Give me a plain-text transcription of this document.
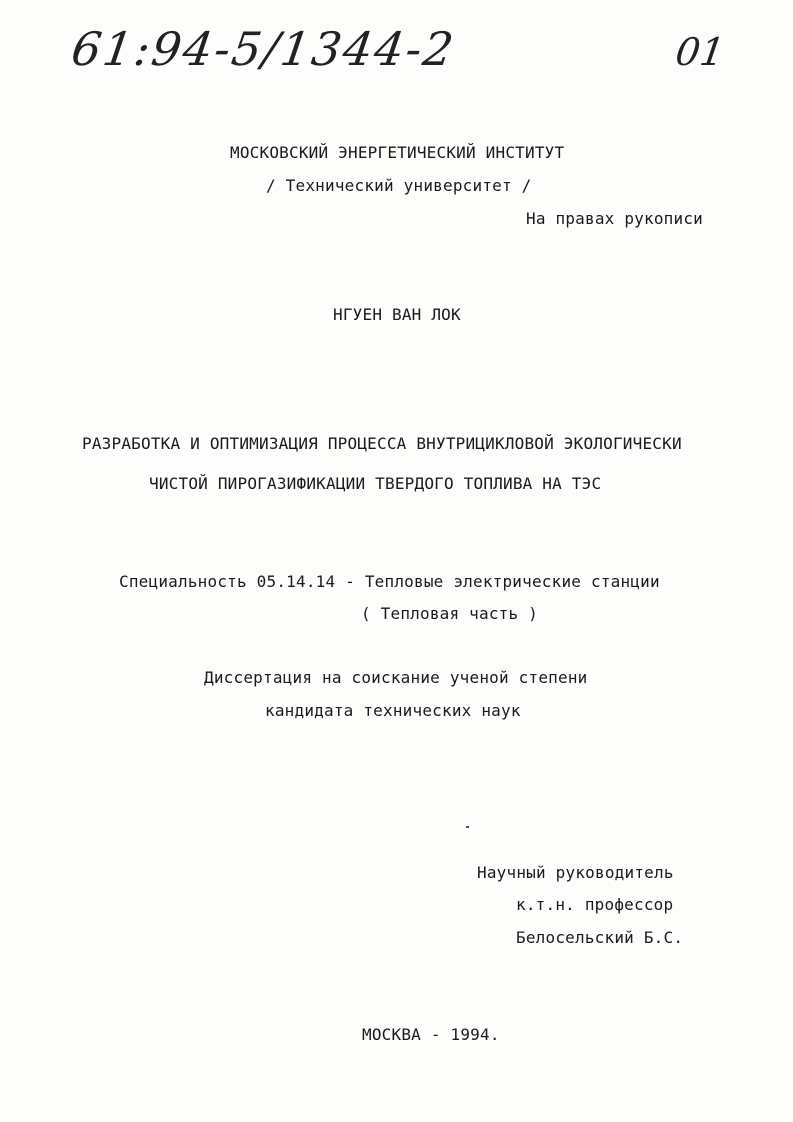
61:94-5/1344-2	01
МОСКОВСКИЙ ЭНЕРГЕТИЧЕСКИЙ ИНСТИТУТ
/ Технический университет /
На правах рукописи
НГУЕН ВАН ЛОК
РАЗРАБОТКА И ОПТИМИЗАЦИЯ ПРОЦЕССА ВНУТРИЦИКЛОВОЙ ЭКОЛОГИЧЕСКИ
ЧИСТОЙ ПИРОГАЗИФИКАЦИИ ТВЕРДОГО ТОПЛИВА НА ТЭС
Специальность 05.14.14 - Тепловые электрические станции
( Тепловая часть )
Диссертация на соискание ученой степени
кандидата технических наук
Научный руководитель
к.т.н. профессор
Белосельский Б.С.
МОСКВА - 1994.
